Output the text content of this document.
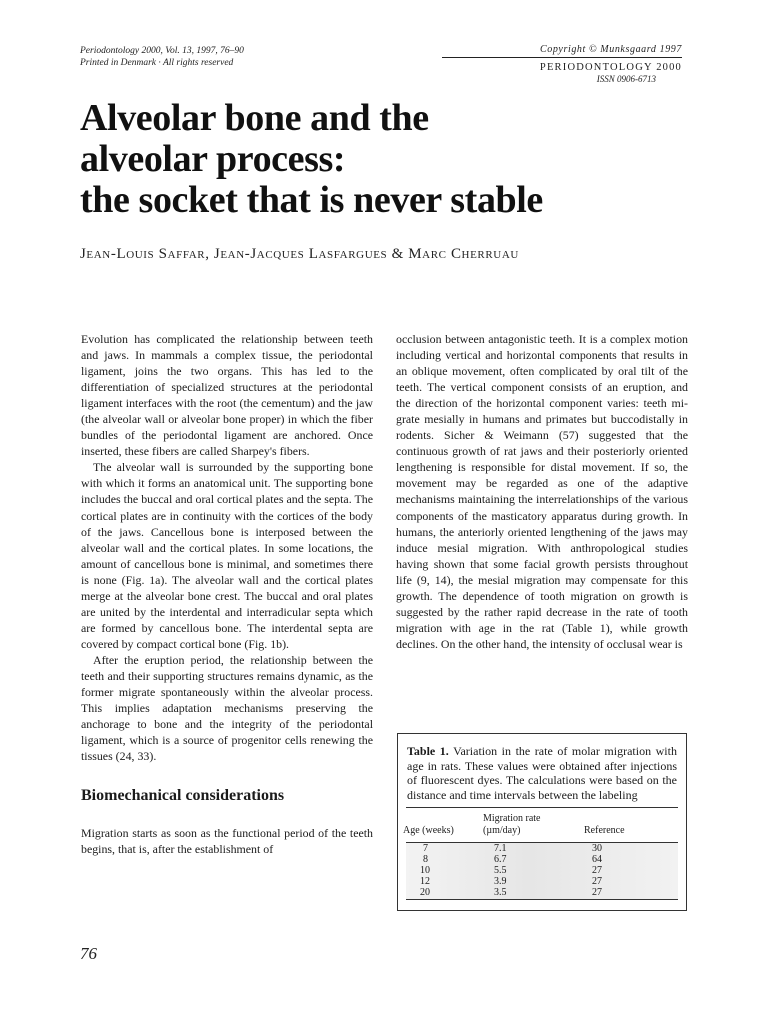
Periodontology 2000, Vol. 13, 1997, 76–90
Printed in Denmark · All rights reserved
Copyright © Munksgaard 1997
PERIODONTOLOGY 2000
ISSN 0906-6713
Alveolar bone and the
alveolar process:
the socket that is never stable
Jean-Louis Saffar, Jean-Jacques Lasfargues & Marc Cherruau

Evolution has complicated the relationship between teeth and jaws. In mammals a complex tissue, the periodontal ligament, joins the two organs. This has led to the differentiation of specialized structures at the periodontal ligament interfaces with the root (the cementum) and the jaw (the alveolar wall or alveolar bone proper) in which the fiber bundles of the periodontal ligament are anchored. Once inserted, these fibers are called Sharpey's fibers.

The alveolar wall is surrounded by the supporting bone with which it forms an anatomical unit. The supporting bone includes the buccal and oral cortical plates and the septa. The cortical plates are in continuity with the cortices of the body of the jaws. Cancellous bone is interposed between the alveolar wall and the cortical plates. In some locations, the amount of cancellous bone is minimal, and sometimes there is none (Fig. 1a). The alveolar wall and the cortical plates merge at the alveolar bone crest. The buccal and oral plates are united by the interdental and interradicular septa which are formed by cancellous bone. The interdental septa are covered by compact cortical bone (Fig. 1b).

After the eruption period, the relationship between the teeth and their supporting structures remains dynamic, as the former migrate spontaneously within the alveolar process. This implies adaptation mechanisms preserving the anchorage to bone and the integrity of the periodontal ligament, which is a source of progenitor cells renewing the tissues (24, 33).

Biomechanical considerations

Migration starts as soon as the functional period of the teeth begins, that is, after the establishment of

occlusion between antagonistic teeth. It is a complex motion including vertical and horizontal components that results in an oblique movement, often complicated by oral tilt of the teeth. The vertical component consists of an eruption, and the direction of the horizontal component varies: teeth migrate mesially in humans and primates but buccodistally in rodents. Sicher & Weimann (57) suggested that the continuous growth of rat jaws and their posteriorly oriented lengthening is responsible for distal movement. If so, the movement may be regarded as one of the adaptive mechanisms maintaining the interrelationships of the various components of the masticatory apparatus during growth. In humans, the anteriorly oriented lengthening of the jaws may induce mesial migration. With anthropological studies having shown that some facial growth persists throughout life (9, 14), the mesial migration may compensate for this growth. The dependence of tooth migration on growth is suggested by the rather rapid decrease in the rate of tooth migration with age in the rat (Table 1), while growth declines. On the other hand, the intensity of occlusal wear is

Table 1. Variation in the rate of molar migration with age in rats. These values were obtained after injections of fluorescent dyes. The calculations were based on the distance and time intervals between the labeling
Migration rate
Age (weeks)	(µm/day)	Reference
7	7.1	30
8	6.7	64
10	5.5	27
12	3.9	27
20	3.5	27
76
